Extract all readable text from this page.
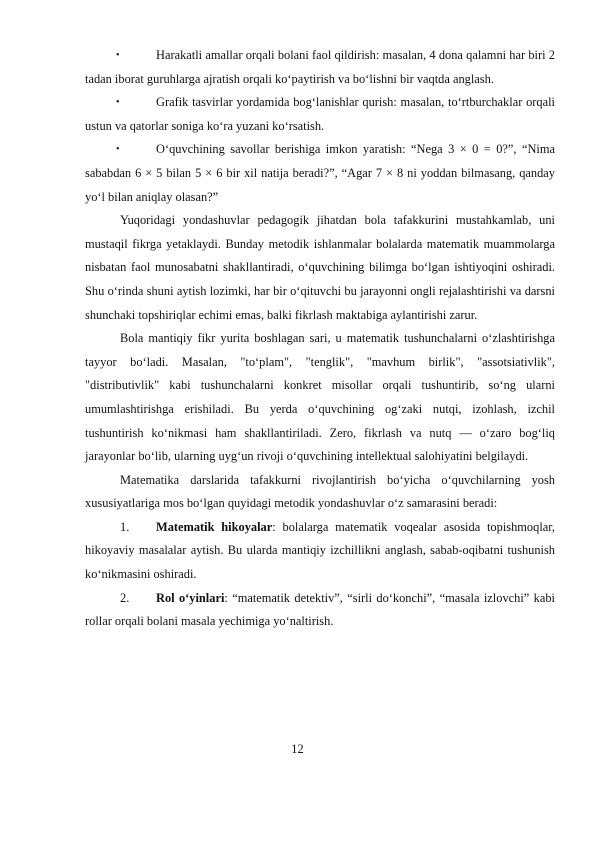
•	Harakatli amallar orqali bolani faol qildirish: masalan, 4 dona qalamni har biri 2 tadan iborat guruhlarga ajratish orqali ko‘paytirish va bo‘lishni bir vaqtda anglash.

•	Grafik tasvirlar yordamida bog‘lanishlar qurish: masalan, to‘rtburchaklar orqali ustun va qatorlar soniga ko‘ra yuzani ko‘rsatish.

•	O‘quvchining savollar berishiga imkon yaratish: “Nega 3 × 0 = 0?”, “Nima sababdan 6 × 5 bilan 5 × 6 bir xil natija beradi?”, “Agar 7 × 8 ni yoddan bilmasang, qanday yo‘l bilan aniqlay olasan?”

Yuqoridagi yondashuvlar pedagogik jihatdan bola tafakkurini mustahkamlab, uni mustaqil fikrga yetaklaydi. Bunday metodik ishlanmalar bolalarda matematik muammolarga nisbatan faol munosabatni shakllantiradi, o‘quvchining bilimga bo‘lgan ishtiyoqini oshiradi. Shu o‘rinda shuni aytish lozimki, har bir o‘qituvchi bu jarayonni ongli rejalashtirishi va darsni shunchaki topshiriqlar echimi emas, balki fikrlash maktabiga aylantirishi zarur.

Bola mantiqiy fikr yurita boshlagan sari, u matematik tushunchalarni o‘zlashtirishga tayyor bo‘ladi. Masalan, "to‘plam", "tenglik", "mavhum birlik", "assotsiativlik", "distributivlik" kabi tushunchalarni konkret misollar orqali tushuntirib, so‘ng ularni umumlashtirishga erishiladi. Bu yerda o‘quvchining og‘zaki nutqi, izohlash, izchil tushuntirish ko‘nikmasi ham shakllantiriladi. Zero, fikrlash va nutq — o‘zaro bog‘liq jarayonlar bo‘lib, ularning uyg‘un rivoji o‘quvchining intellektual salohiyatini belgilaydi.

Matematika darslarida tafakkurni rivojlantirish bo‘yicha o‘quvchilarning yosh xususiyatlariga mos bo‘lgan quyidagi metodik yondashuvlar o‘z samarasini beradi:

1. Matematik hikoyalar: bolalarga matematik voqealar asosida topishmoqlar, hikoyaviy masalalar aytish. Bu ularda mantiqiy izchillikni anglash, sabab-oqibatni tushunish ko‘nikmasini oshiradi.

2. Rol o‘yinlari: “matematik detektiv”, “sirli do‘konchi”, “masala izlovchi” kabi rollar orqali bolani masala yechimiga yo‘naltirish.

12
